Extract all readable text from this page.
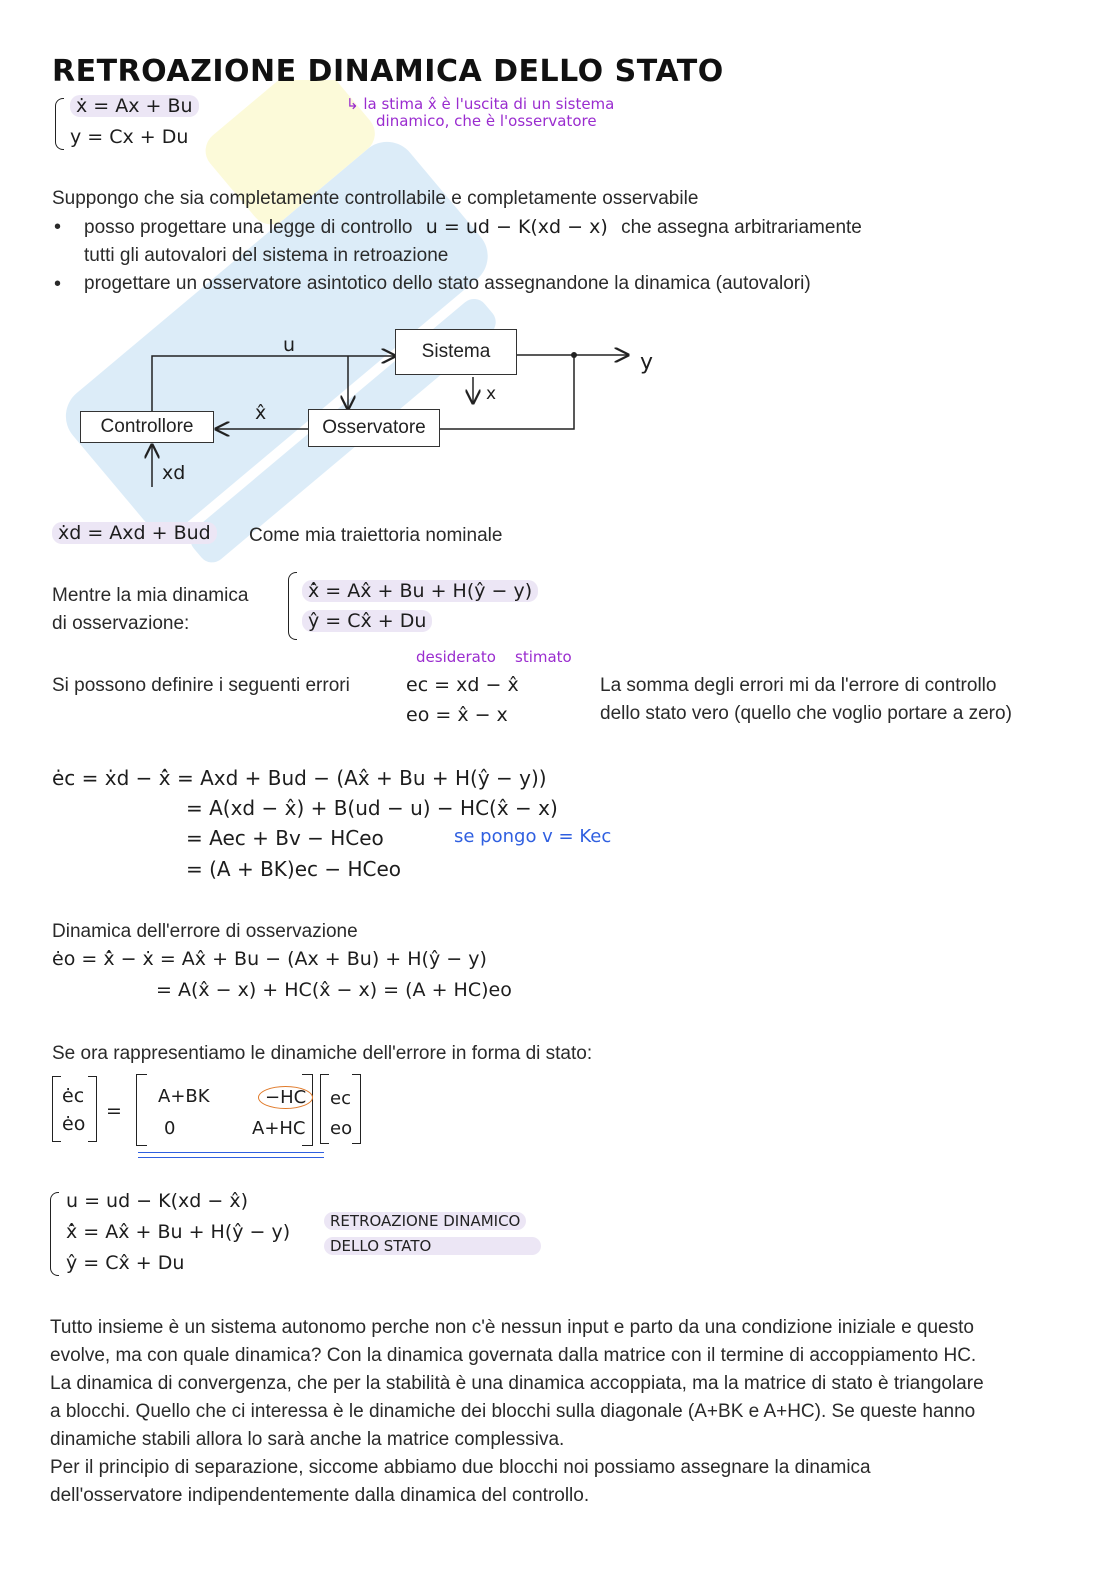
RETROAZIONE DINAMICA DELLO STATO
ẋ = Ax + Bu
y = Cx + Du
↳ la stima x̂ è l'uscita di un sistema
dinamico, che è l'osservatore
Suppongo che sia completamente controllabile e completamente osservabile
• posso progettare una legge di controllo u = ud − K(xd − x) che assegna arbitrariamente
tutti gli autovalori del sistema in retroazione
• progettare un osservatore asintotico dello stato assegnandone la dinamica (autovalori)
Sistema
Controllore	Osservatore
u
y
x
x̂
xd
ẋd = Axd + Bud	Come mia traiettoria nominale
Mentre la mia dinamica
di osservazione:
x̂̇ = Ax̂ + Bu + H(ŷ − y)
ŷ = Cx̂ + Du
Si possono definire i seguenti errori
desiderato stimato
ec = xd − x̂
eo = x̂ − x
La somma degli errori mi da l'errore di controllo
dello stato vero (quello che voglio portare a zero)
ėc = ẋd − x̂̇ = Axd + Bud − (Ax̂ + Bu + H(ŷ − y))
= A(xd − x̂) + B(ud − u) − HC(x̂ − x)
= Aec + Bv − HCeo
= (A + BK)ec − HCeo
se pongo v = Kec
Dinamica dell'errore di osservazione
ėo = x̂̇ − ẋ = Ax̂ + Bu − (Ax + Bu) + H(ŷ − y)
= A(x̂ − x) + HC(x̂ − x) = (A + HC)eo
Se ora rappresentiamo le dinamiche dell'errore in forma di stato:
ėc
ėo
=
A+BK	−HC
0	A+HC
ec
eo
u = ud − K(xd − x̂)
x̂̇ = Ax̂ + Bu + H(ŷ − y)
ŷ = Cx̂ + Du
RETROAZIONE DINAMICO
DELLO STATO
Tutto insieme è un sistema autonomo perche non c'è nessun input e parto da una condizione iniziale e questo
evolve, ma con quale dinamica? Con la dinamica governata dalla matrice con il termine di accoppiamento HC.
La dinamica di convergenza, che per la stabilità è una dinamica accoppiata, ma la matrice di stato è triangolare
a blocchi. Quello che ci interessa è le dinamiche dei blocchi sulla diagonale (A+BK e A+HC). Se queste hanno
dinamiche stabili allora lo sarà anche la matrice complessiva.
Per il principio di separazione, siccome abbiamo due blocchi noi possiamo assegnare la dinamica
dell'osservatore indipendentemente dalla dinamica del controllo.
